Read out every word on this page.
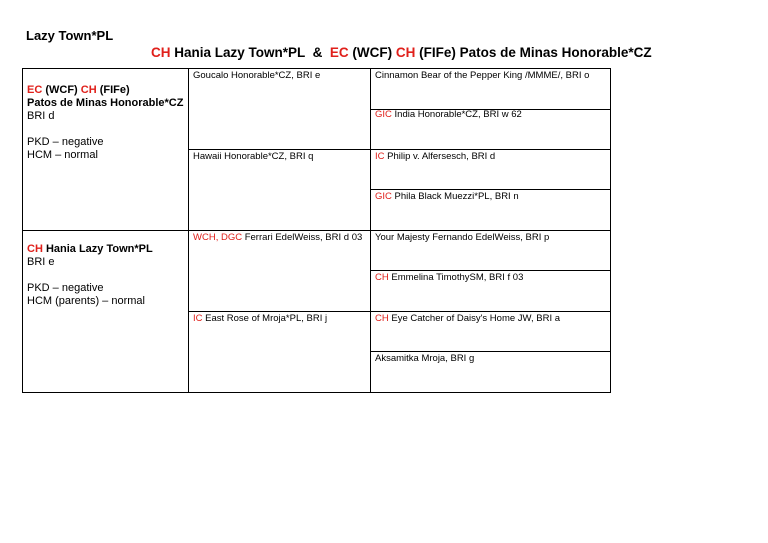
Lazy Town*PL
CH Hania Lazy Town*PL & EC (WCF) CH (FIFe) Patos de Minas Honorable*CZ
EC (WCF) CH (FIFe)
Patos de Minas Honorable*CZ
BRI d
PKD – negative
HCM – normal	Goucalo Honorable*CZ, BRI e	Cinnamon Bear of the Pepper King /MMME/, BRI o

		GIC India Honorable*CZ, BRI w 62

	Hawaii Honorable*CZ, BRI q	IC Philip v. Alfersesch, BRI d

		GIC Phila Black Muezzi*PL, BRI n

CH Hania Lazy Town*PL
BRI e
PKD – negative
HCM (parents) – normal	WCH, DGC Ferrari EdelWeiss, BRI d 03	Your Majesty Fernando EdelWeiss, BRI p

		CH Emmelina TimothySM, BRI f 03

	IC East Rose of Mroja*PL, BRI j	CH Eye Catcher of Daisy's Home JW, BRI a

		Aksamitka Mroja, BRI g
